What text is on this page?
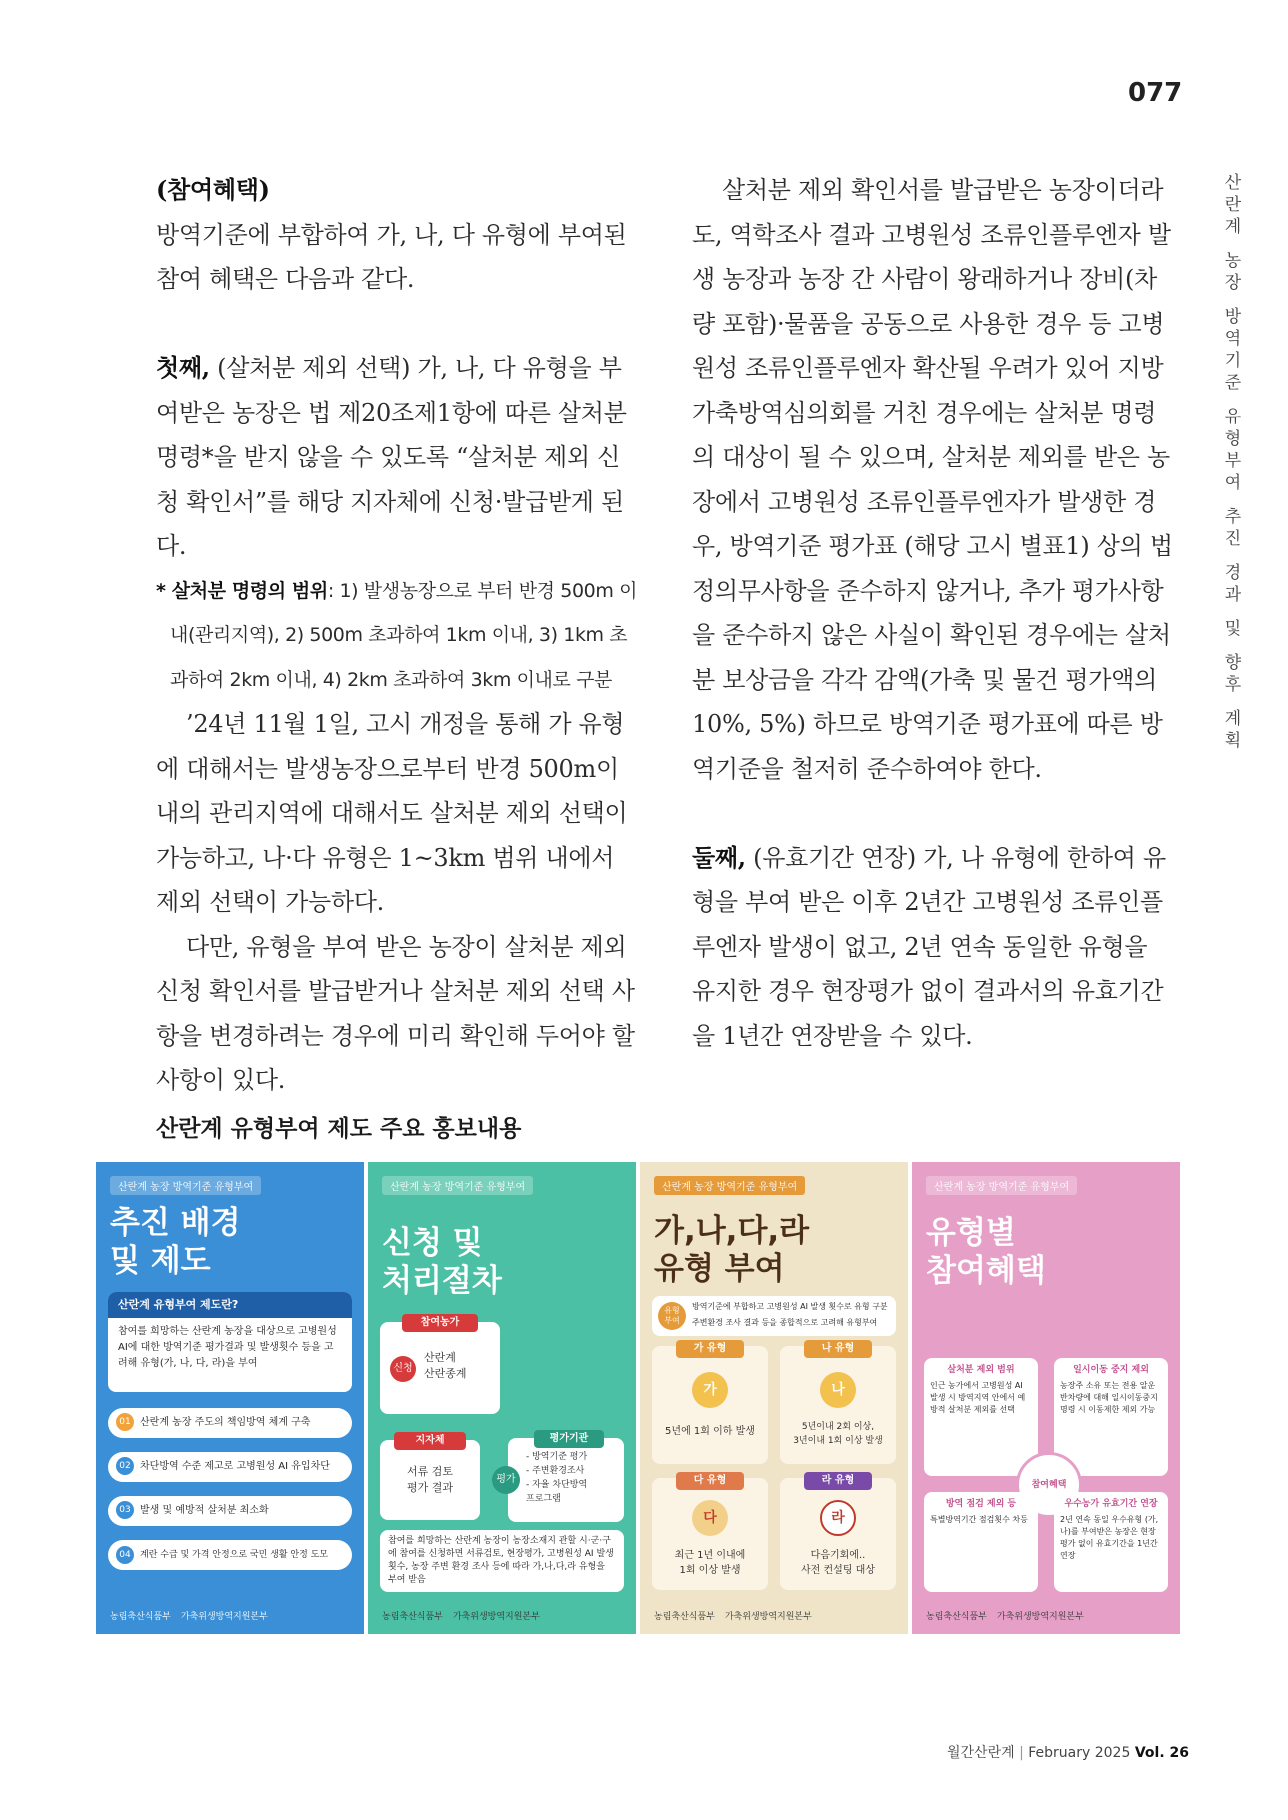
077
산
란
계
농
장
방
역
기
준
유
형
부
여
추
진
경
과
및
향
후
계
획

(참여혜택)

방역기준에 부합하여 가, 나, 다 유형에 부여된 참여 혜택은 다음과 같다.

첫째, (살처분 제외 선택) 가, 나, 다 유형을 부여받은 농장은 법 제20조제1항에 따른 살처분 명령*을 받지 않을 수 있도록 “살처분 제외 신청 확인서”를 해당 지자체에 신청·발급받게 된다.

* 살처분 명령의 범위: 1) 발생농장으로 부터 반경 500m 이내(관리지역), 2) 500m 초과하여 1km 이내, 3) 1km 초과하여 2km 이내, 4) 2km 초과하여 3km 이내로 구분

’24년 11월 1일, 고시 개정을 통해 가 유형에 대해서는 발생농장으로부터 반경 500m이내의 관리지역에 대해서도 살처분 제외 선택이 가능하고, 나·다 유형은 1~3km 범위 내에서 제외 선택이 가능하다.

다만, 유형을 부여 받은 농장이 살처분 제외 신청 확인서를 발급받거나 살처분 제외 선택 사항을 변경하려는 경우에 미리 확인해 두어야 할 사항이 있다.

살처분 제외 확인서를 발급받은 농장이더라도, 역학조사 결과 고병원성 조류인플루엔자 발생 농장과 농장 간 사람이 왕래하거나 장비(차량 포함)·물품을 공동으로 사용한 경우 등 고병원성 조류인플루엔자 확산될 우려가 있어 지방가축방역심의회를 거친 경우에는 살처분 명령의 대상이 될 수 있으며, 살처분 제외를 받은 농장에서 고병원성 조류인플루엔자가 발생한 경우, 방역기준 평가표 (해당 고시 별표1) 상의 법정의무사항을 준수하지 않거나, 추가 평가사항을 준수하지 않은 사실이 확인된 경우에는 살처분 보상금을 각각 감액(가축 및 물건 평가액의 10%, 5%) 하므로 방역기준 평가표에 따른 방역기준을 철저히 준수하여야 한다.

둘째, (유효기간 연장) 가, 나 유형에 한하여 유형을 부여 받은 이후 2년간 고병원성 조류인플루엔자 발생이 없고, 2년 연속 동일한 유형을 유지한 경우 현장평가 없이 결과서의 유효기간을 1년간 연장받을 수 있다.

산란계 유형부여 제도 주요 홍보내용
산란계 농장 방역기준 유형부여
추진 배경
및 제도
산란계 유형부여 제도란?
참여를 희망하는 산란계 농장을 대상으로 고병원성 AI에 대한 방역기준 평가결과 및 발생횟수 등을 고려해 유형(가, 나, 다, 라)을 부여
01 산란계 농장 주도의 책임방역 체계 구축
02 차단방역 수준 제고로 고병원성 AI 유입차단
03 발생 및 예방적 살처분 최소화
04 계란 수급 및 가격 안정으로 국민 생활 안정 도모
농림축산식품부 가축위생방역지원본부
산란계 농장 방역기준 유형부여
신청 및
처리절차
참여농가
신청
산란계
산란종계
지자체
서류 검토
평가 결과
평가기관
평가
- 방역기준 평가
- 주변환경조사
- 자율 차단방역
프로그램
참여를 희망하는 산란계 농장이 농장소재지 관할 시·군·구에 참여를 신청하면 서류검토, 현장평가, 고병원성 AI 발생 횟수, 농장 주변 환경 조사 등에 따라 가,나,다,라 유형을 부여 받음
농림축산식품부 가축위생방역지원본부
산란계 농장 방역기준 유형부여
가,나,다,라
유형 부여
유형
부여
방역기준에 부합하고 고병원성 AI 발생 횟수로 유형 구분
주변환경 조사 결과 등을 종합적으로 고려해 유형부여
가 유형
가
5년에 1회 이하 발생
나 유형
나
5년이내 2회 이상,
3년이내 1회 이상 발생
다 유형
다
최근 1년 이내에
1회 이상 발생
라 유형
라
다음기회에..
사전 컨설팅 대상
농림축산식품부 가축위생방역지원본부
산란계 농장 방역기준 유형부여
유형별
참여혜택
살처분 제외 범위
인근 농가에서 고병원성 AI 발생 시 방역지역 안에서 예방적 살처분 제외를 선택
일시이동 중지 제외
농장주 소유 또는 전용 알운반차량에 대해 일시이동중지 명령 시 이동제한 제외 가능
참여혜택
방역 점검 제외 등
특별방역기간 점검횟수 차등
우수농가 유효기간 연장
2년 연속 동일 우수유형 (가, 나)를 부여받은 농장은 현장평가 없이 유효기간을 1년간 연장
농림축산식품부 가축위생방역지원본부
월간산란계 | February 2025 Vol. 26
